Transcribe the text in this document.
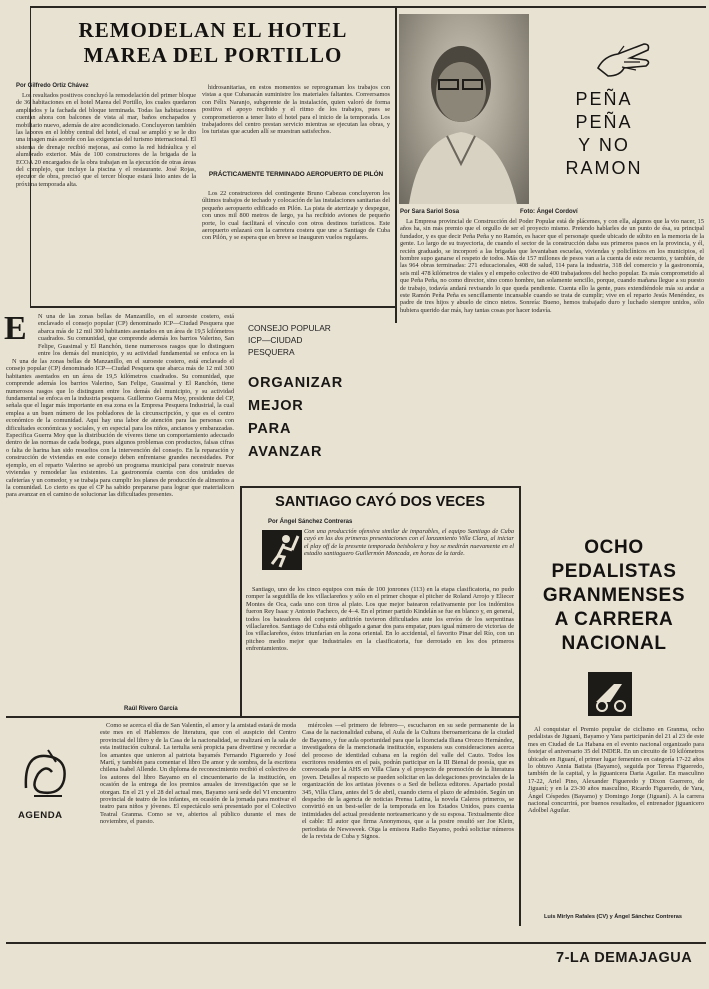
REMODELAN EL HOTEL
MAREA DEL PORTILLO
Por Gilfredo Ortiz Chávez

Los resultados positivos concluyó la remodelación del primer bloque de 36 habitaciones en el hotel Marea del Portillo, los cuales quedaron ampliados y la fachada del bloque terminada. Todas las habitaciones cuentan ahora con balcones de vista al mar, baños enchapados y mobiliario nuevo, además de aire acondicionado. Concluyeron también las labores en el lobby central del hotel, el cual se amplió y se le dio una imagen más acorde con las exigencias del turismo internacional. El sistema de drenaje recibió mejoras, así como la red hidráulica y el alumbrado exterior. Más de 100 constructores de la brigada de la ECOA 20 encargados de la obra trabajan en la ejecución de otras áreas del complejo, que incluye la piscina y el restaurante. José Rojas, ejecutor de obra, precisó que el tercer bloque estará listo antes de la próxima temporada alta.

hidrosanitarias, en estos momentos se reprograman los trabajos con vistas a que Cubanacán suministre los materiales faltantes. Conversamos con Félix Naranjo, subgerente de la instalación, quien valoró de forma positiva el apoyo recibido y el ritmo de los trabajos, pues se comprometieron a tener listo el hotel para el inicio de la temporada. Los trabajadores del centro prestan servicio mientras se ejecutan las obras, y los turistas que acuden allí se muestran satisfechos.

PRÁCTICAMENTE TERMINADO AEROPUERTO DE PILÓN

Los 22 constructores del contingente Bruno Cabezas concluyeron los últimos trabajos de techado y colocación de las instalaciones sanitarias del pequeño aeropuerto edificado en Pilón. La pista de aterrizaje y despegue, con unos mil 800 metros de largo, ya ha recibido aviones de pequeño porte, lo cual facilitará el vínculo con otros destinos turísticos. Este aeropuerto enlazará con la carretera costera que une a Santiago de Cuba con Pilón, y se espera que en breve se inauguren vuelos regulares.

PEÑA
PEÑA
Y NO
RAMON
Por Sara Sariol Sosa	Foto: Ángel Cordoví

La Empresa provincial de Construcción del Poder Popular está de plácemes, y con ella, algunos que la vio nacer, 15 años ha, sin más premio que el orgullo de ser el proyecto mismo. Pretendo hablarles de un punto de ésa, su principal fundador, y es que decir Peña Peña y no Ramón, es hacer que el personaje quede ubicado de súbito en la memoria de la gente. Lo largo de su trayectoria, de cuando el sector de la construcción daba sus primeros pasos en la provincia, y él, recién graduado, se incorporó a las brigadas que levantaban escuelas, viviendas y policlínicos en los municipios, el hombre supo ganarse el respeto de todos. Más de 157 millones de pesos van a la cuenta de este recuento, y también, de las 964 obras terminadas: 271 educacionales, 408 de salud, 114 para la industria, 318 del comercio y la gastronomía, seis mil 478 kilómetros de viales y el empeño colectivo de 400 trabajadores del hecho popular. Es más comprometido al que Peña Peña, no como director, sino como hombre, tan solamente sencillo, porque, cuando mañana llegue a su puesto de trabajo, todavía andará revisando lo que queda pendiente. Cuenta ello la gente, pues extendiéndole más su andar a este Ramón Peña Peña es sencillamente incansable cuando se trata de cumplir; vive en el reparto Jesús Menéndez, es padre de tres hijos y abuelo de cinco nietos. Sonreía: Bueno, hemos trabajado duro y luchado siempre unidos, sólo hubiera querido dar más, hay tantas cosas por hacer todavía.

E N una de las zonas bellas de Manzanillo, en el suroeste costero, está enclavado el consejo popular (CP) denominado ICP—Ciudad Pesquera que abarca más de 12 mil 300 habitantes asentados en un área de 19,5 kilómetros cuadrados. Su comunidad, que comprende además los barrios Valerino, San Felipe, Guasimal y El Ranchón, tiene numerosos rasgos que lo distinguen entre los demás del municipio, y su actividad fundamental se enfoca en la

N una de las zonas bellas de Manzanillo, en el suroeste costero, está enclavado el consejo popular (CP) denominado ICP—Ciudad Pesquera que abarca más de 12 mil 300 habitantes asentados en un área de 19,5 kilómetros cuadrados. Su comunidad, que comprende además los barrios Valerino, San Felipe, Guasimal y El Ranchón, tiene numerosos rasgos que lo distinguen entre los demás del municipio, y su actividad fundamental se enfoca en la industria pesquera. Guillermo Guerra Moy, presidente del CP, señala que el lugar más importante en esa zona es la Empresa Pesquera Industrial, la cual emplea a un buen número de los pobladores de la circunscripción, y que es el centro económico de la comunidad. Aquí hay una labor de atención para las personas con dificultades económicas y sociales, y en especial para los niños, ancianos y embarazadas. Especifica Guerra Moy que la distribución de víveres tiene un comportamiento adecuado dentro de las normas de cada bodega, pues algunos problemas con productos, falsas cifras o falta de harina han sido resueltos con la intervención del consejo. En la reparación y construcción de viviendas en este consejo deben enfrentarse grandes necesidades. Por ejemplo, en el reparto Valerino se aprobó un programa municipal para construir nuevas viviendas y remodelar las existentes. La gastronomía cuenta con dos unidades de cafeterías y un comedor, y se trabaja para cumplir los planes de producción de alimentos a la comunidad. Lo cierto es que el CP ha sabido prepararse para lograr que materialicen para avanzar en el camino de solucionar las dificultades presentes.

Raúl Rivero García
CONSEJO POPULAR
ICP—CIUDAD
PESQUERA
ORGANIZAR
MEJOR
PARA
AVANZAR
SANTIAGO CAYÓ DOS VECES
Por Ángel Sánchez Contreras

Con una producción ofensiva similar de imparables, el equipo Santiago de Cuba cayó en las dos primeras presentaciones con el lanzamiento Villa Clara, al iniciar el play off de la presente temporada beisbolera y hoy se medirán nuevamente en el estadio santiaguero Guillermón Moncada, en horas de la tarde.

Santiago, uno de los cinco equipos con más de 100 jonrones (113) en la etapa clasificatoria, no pudo romper la seguidilla de los villaclareños y sólo en el primer choque el pitcher de Roland Arrojo y Eliecer Montes de Oca, cada uno con tiros al plato. Los que mejor batearon relativamente por los indómitos fueron Rey Isaac y Antonio Pacheco, de 4–4. En el primer partido Kindelán se fue en blanco y, en general, todos los bateadores del conjunto anfitrión tuvieron dificultades ante los envíos de los serpentinas villaclareños. Santiago de Cuba está obligado a ganar dos para empatar, pues igual número de victorias de los villaclareños, éstos triunfarían en la zona oriental. En lo accidental, el favorito Pinar del Río, con un pitcheo medio mejor que Industriales en la clasificatoria, fue derrotado en los dos primeros enfrentamientos.

OCHO
PEDALISTAS
GRANMENSES
A CARRERA
NACIONAL

Al conquistar el Premio popular de ciclismo en Granma, ocho pedalistas de Jiguaní, Bayamo y Yara participarán del 21 al 23 de este mes en Ciudad de La Habana en el evento nacional organizado para festejar el aniversario 35 del INDER. En un circuito de 10 kilómetros ubicado en Jiguaní, el primer lugar femenino en categoría 17-22 años lo obtuvo Annia Batista (Bayamo), seguida por Teresa Figueredo, también de la capital, y la jiguanicera Daria Aguilar. En masculino 17-22, Ariel Pino, Alexander Figueredo y Dixon Guerrero, de Jiguaní; y en la 23-30 años masculino, Ricardo Figueredo, de Yara, Ángel Céspedes (Bayamo) y Domingo Jorge (Jiguaní). A la carrera nacional concurrirá, por buenos resultados, el entrenador jiguanicero Adolbel Aguilar.

Luis Mirlyn Rafales (CV) y Ángel Sánchez Contreras
AGENDA

Como se acerca el día de San Valentín, el amor y la amistad estará de moda este mes en el Hablemos de literatura, que con el auspicio del Centro provincial del libro y de la Casa de la nacionalidad, se realizará en la sala de esta institución cultural. La tertulia será propicia para divertirse y recordar a los amantes que unieron al patriota bayamés Fernando Figueredo y José Martí, y también para comentar el libro De amor y de sombra, de la escritora chilena Isabel Allende. Un diploma de reconocimiento recibió el colectivo de los autores del libro Bayamo en el cincuentenario de la institución, en ocasión de la entrega de los premios anuales de investigación que se le otorgan. En el 21 y el 28 del actual mes, Bayamo será sede del VI encuentro provincial de teatro de los infantes, en ocasión de la jornada para motivar el teatro para niños y jóvenes. El espectáculo será presentado por el Colectivo Teatral Granma. Como se ve, abiertos al público durante el mes de noviembre, el puesto.

miércoles —el primero de febrero—, escucharon en su sede permanente de la Casa de la nacionalidad cubana, el Aula de la Cultura iberoamericana de la ciudad de Bayamo, y fue aula oportunidad para que la licenciada Iliana Orozco Hernández, investigadora de la mencionada institución, expusiera sus consideraciones acerca del proceso de identidad cubana en la región del valle del Cauto. Todos los escritores residentes en el país, podrán participar en la III Bienal de poesía, que es convocada por la AHS en Villa Clara y el proyecto de promoción de la literatura joven. Detalles al respecto se pueden solicitar en las delegaciones provinciales de la organización de los artistas jóvenes o a Sed de belleza editores. Apartado postal 345, Villa Clara, antes del 5 de abril, cuando cierra el plazo de admisión. Según un despacho de la agencia de noticias Prensa Latina, la novela Caleros primeros, se convirtió en un best-seller de la temporada en los Estados Unidos, pues cuenta intimidades del actual presidente norteamericano y de su esposa. Textualmente dice el cable: El autor que firma Anonymous, que a la postre resultó ser Joe Klein, periodista de Newsweek. Oiga la emisora Radio Bayamo, podrá solicitar números de la revista de Cuba y Signos.

7-LA DEMAJAGUA
